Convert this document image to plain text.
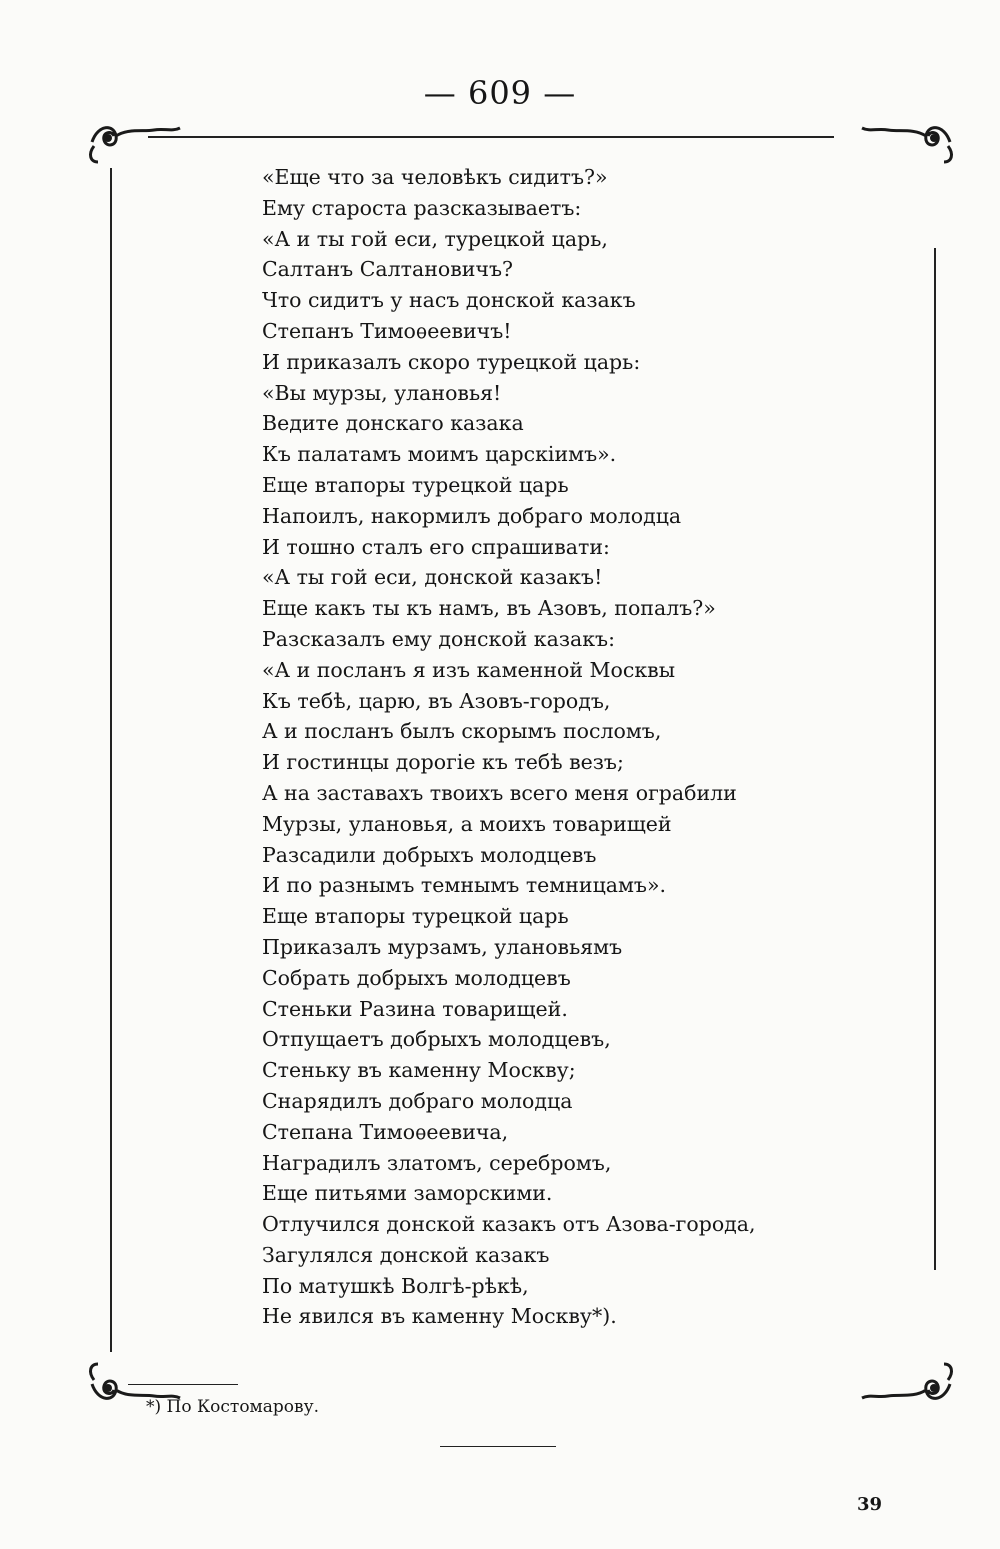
— 609 —
«Еще что за человѣкъ сидитъ?»
Ему староста разсказываетъ:
«А и ты гой еси, турецкой царь,
Салтанъ Салтановичъ?
Что сидитъ у насъ донской казакъ
Степанъ Тимоѳеевичъ!
И приказалъ скоро турецкой царь:
«Вы мурзы, улановья!
Ведите донскаго казака
Къ палатамъ моимъ царскіимъ».
Еще втапоры турецкой царь
Напоилъ, накормилъ добраго молодца
И тошно сталъ его спрашивати:
«А ты гой еси, донской казакъ!
Еще какъ ты къ намъ, въ Азовъ, попалъ?»
Разсказалъ ему донской казакъ:
«А и посланъ я изъ каменной Москвы
Къ тебѣ, царю, въ Азовъ-городъ,
А и посланъ былъ скорымъ посломъ,
И гостинцы дорогіе къ тебѣ везъ;
А на заставахъ твоихъ всего меня ограбили
Мурзы, улановья, а моихъ товарищей
Разсадили добрыхъ молодцевъ
И по разнымъ темнымъ темницамъ».
Еще втапоры турецкой царь
Приказалъ мурзамъ, улановьямъ
Собрать добрыхъ молодцевъ
Стеньки Разина товарищей.
Отпущаетъ добрыхъ молодцевъ,
Стеньку въ каменну Москву;
Снарядилъ добраго молодца
Степана Тимоѳеевича,
Наградилъ златомъ, серебромъ,
Еще питьями заморскими.
Отлучился донской казакъ отъ Азова-города,
Загулялся донской казакъ
По матушкѣ Волгѣ-рѣкѣ,
Не явился въ каменну Москву*).
*) По Костомарову.
39
